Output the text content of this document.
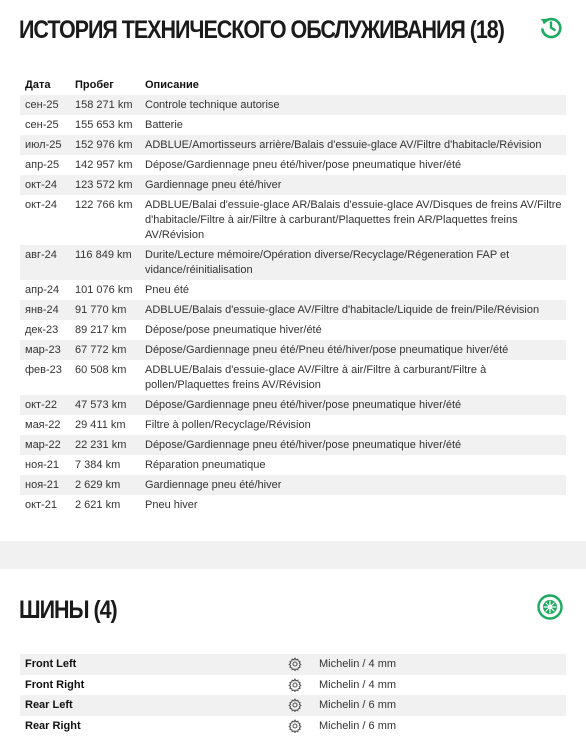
ИСТОРИЯ ТЕХНИЧЕСКОГО ОБСЛУЖИВАНИЯ (18)
Дата	Пробег	Описание
сен-25	158 271 km	Controle technique autorise
сен-25	155 653 km	Batterie
июл-25	152 976 km	ADBLUE/Amortisseurs arrière/Balais d'essuie-glace AV/Filtre d'habitacle/Révision
апр-25	142 957 km	Dépose/Gardiennage pneu été/hiver/pose pneumatique hiver/été
окт-24	123 572 km	Gardiennage pneu été/hiver
окт-24	122 766 km	ADBLUE/Balai d'essuie-glace AR/Balais d'essuie-glace AV/Disques de freins AV/Filtre d'habitacle/Filtre à air/Filtre à carburant/Plaquettes frein AR/Plaquettes freins AV/Révision
авг-24	116 849 km	Durite/Lecture mémoire/Opération diverse/Recyclage/Régeneration FAP et vidance/réinitialisation
апр-24	101 076 km	Pneu été
янв-24	91 770 km	ADBLUE/Balais d'essuie-glace AV/Filtre d'habitacle/Liquide de frein/Pile/Révision
дек-23	89 217 km	Dépose/pose pneumatique hiver/été
мар-23	67 772 km	Dépose/Gardiennage pneu été/Pneu été/hiver/pose pneumatique hiver/été
фев-23	60 508 km	ADBLUE/Balais d'essuie-glace AV/Filtre à air/Filtre à carburant/Filtre à pollen/Plaquettes freins AV/Révision
окт-22	47 573 km	Dépose/Gardiennage pneu été/hiver/pose pneumatique hiver/été
мая-22	29 411 km	Filtre à pollen/Recyclage/Révision
мар-22	22 231 km	Dépose/Gardiennage pneu été/hiver/pose pneumatique hiver/été
ноя-21	7 384 km	Réparation pneumatique
ноя-21	2 629 km	Gardiennage pneu été/hiver
окт-21	2 621 km	Pneu hiver
ШИНЫ (4)
Front Left		Michelin / 4 mm
Front Right		Michelin / 4 mm
Rear Left		Michelin / 6 mm
Rear Right		Michelin / 6 mm
